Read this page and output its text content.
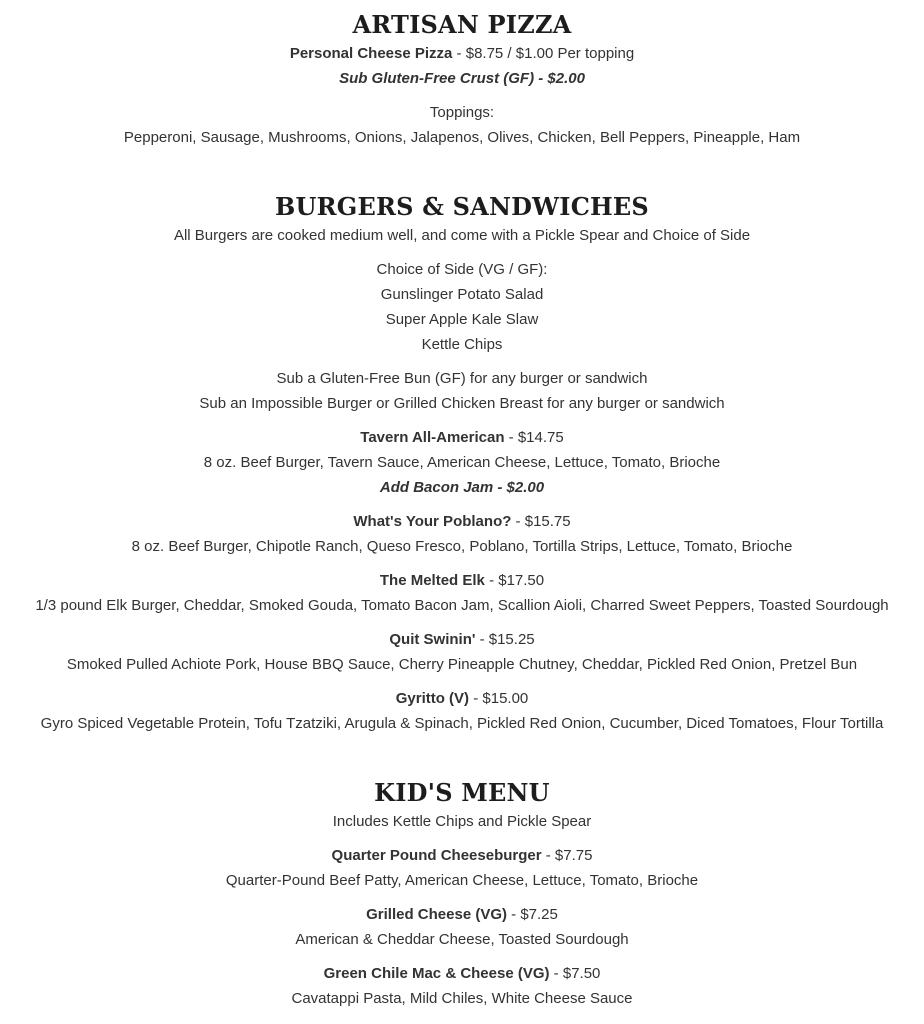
ARTISAN PIZZA

Personal Cheese Pizza - $8.75 / $1.00 Per topping
Sub Gluten-Free Crust (GF) - $2.00

Toppings:
Pepperoni, Sausage, Mushrooms, Onions, Jalapenos, Olives, Chicken, Bell Peppers, Pineapple, Ham

BURGERS & SANDWICHES

All Burgers are cooked medium well, and come with a Pickle Spear and Choice of Side

Choice of Side (VG / GF):
Gunslinger Potato Salad
Super Apple Kale Slaw
Kettle Chips

Sub a Gluten-Free Bun (GF) for any burger or sandwich
Sub an Impossible Burger or Grilled Chicken Breast for any burger or sandwich

Tavern All-American - $14.75
8 oz. Beef Burger, Tavern Sauce, American Cheese, Lettuce, Tomato, Brioche
Add Bacon Jam - $2.00

What's Your Poblano? - $15.75
8 oz. Beef Burger, Chipotle Ranch, Queso Fresco, Poblano, Tortilla Strips, Lettuce, Tomato, Brioche

The Melted Elk - $17.50
1/3 pound Elk Burger, Cheddar, Smoked Gouda, Tomato Bacon Jam, Scallion Aioli, Charred Sweet Peppers, Toasted Sourdough

Quit Swinin' - $15.25
Smoked Pulled Achiote Pork, House BBQ Sauce, Cherry Pineapple Chutney, Cheddar, Pickled Red Onion, Pretzel Bun

Gyritto (V) - $15.00
Gyro Spiced Vegetable Protein, Tofu Tzatziki, Arugula & Spinach, Pickled Red Onion, Cucumber, Diced Tomatoes, Flour Tortilla

KID'S MENU

Includes Kettle Chips and Pickle Spear

Quarter Pound Cheeseburger - $7.75
Quarter-Pound Beef Patty, American Cheese, Lettuce, Tomato, Brioche

Grilled Cheese (VG) - $7.25
American & Cheddar Cheese, Toasted Sourdough

Green Chile Mac & Cheese (VG) - $7.50
Cavatappi Pasta, Mild Chiles, White Cheese Sauce
